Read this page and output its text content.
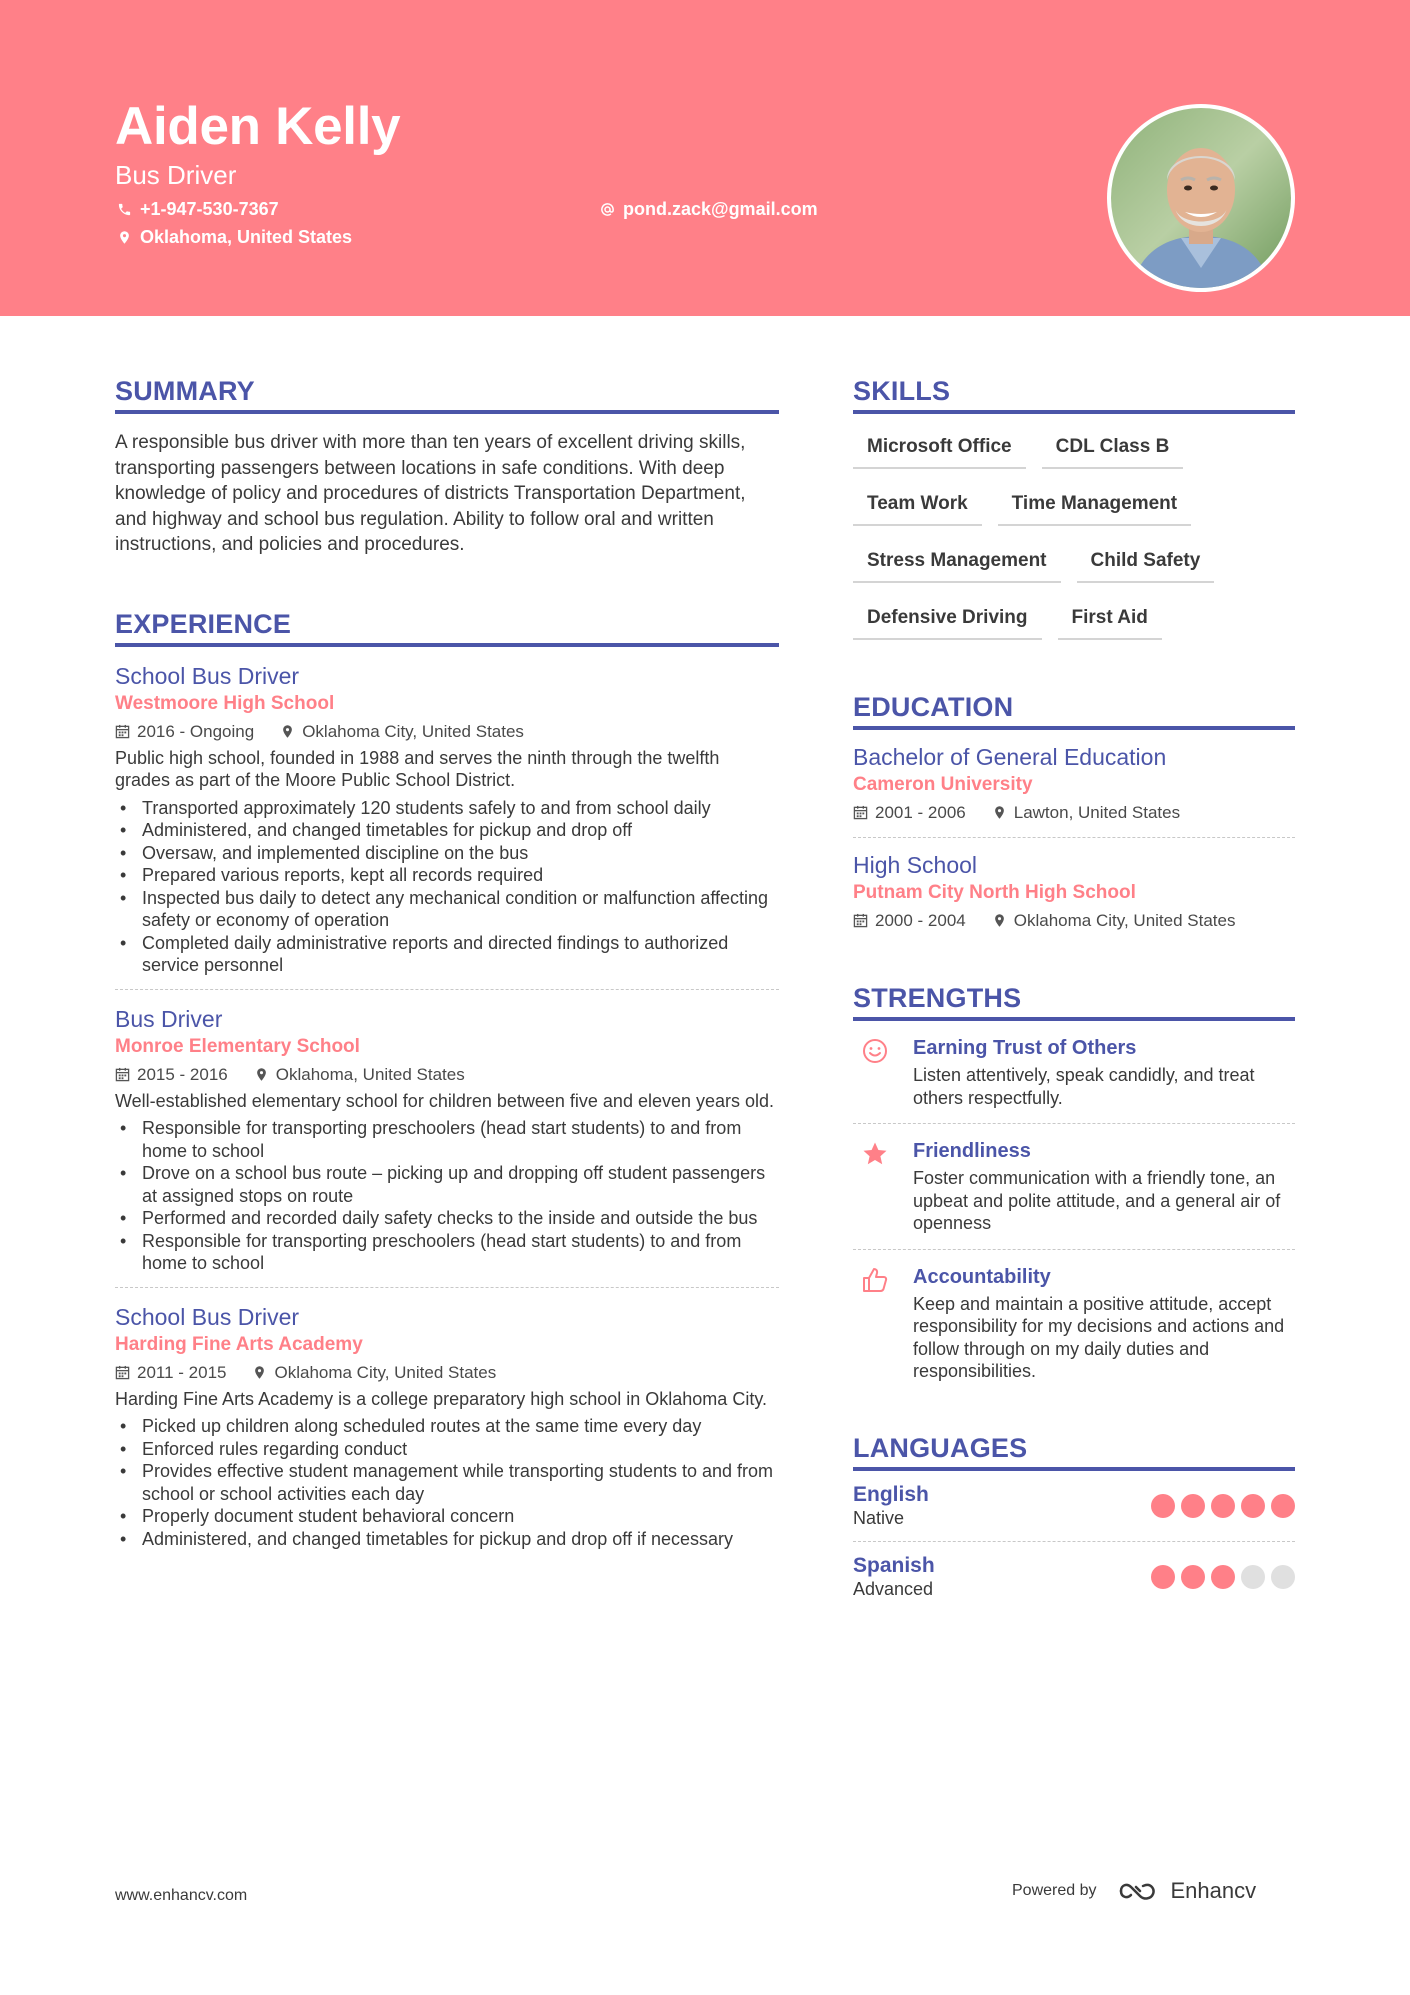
Aiden Kelly
Bus Driver
+1-947-530-7367	pond.zack@gmail.com
Oklahoma, United States
SUMMARY
A responsible bus driver with more than ten years of excellent driving skills, transporting passengers between locations in safe conditions. With deep knowledge of policy and procedures of districts Transportation Department, and highway and school bus regulation. Ability to follow oral and written instructions, and policies and procedures.
EXPERIENCE
School Bus Driver
Westmoore High School
2016 - Ongoing	Oklahoma City, United States
Public high school, founded in 1988 and serves the ninth through the twelfth grades as part of the Moore Public School District.
• Transported approximately 120 students safely to and from school daily
• Administered, and changed timetables for pickup and drop off
• Oversaw, and implemented discipline on the bus
• Prepared various reports, kept all records required
• Inspected bus daily to detect any mechanical condition or malfunction affecting safety or economy of operation
• Completed daily administrative reports and directed findings to authorized service personnel
Bus Driver
Monroe Elementary School
2015 - 2016	Oklahoma, United States
Well-established elementary school for children between five and eleven years old.
• Responsible for transporting preschoolers (head start students) to and from home to school
• Drove on a school bus route – picking up and dropping off student passengers at assigned stops on route
• Performed and recorded daily safety checks to the inside and outside the bus
• Responsible for transporting preschoolers (head start students) to and from home to school
School Bus Driver
Harding Fine Arts Academy
2011 - 2015	Oklahoma City, United States
Harding Fine Arts Academy is a college preparatory high school in Oklahoma City.
• Picked up children along scheduled routes at the same time every day
• Enforced rules regarding conduct
• Provides effective student management while transporting students to and from school or school activities each day
• Properly document student behavioral concern
• Administered, and changed timetables for pickup and drop off if necessary
SKILLS
Microsoft Office	CDL Class B
Team Work	Time Management
Stress Management	Child Safety
Defensive Driving	First Aid
EDUCATION
Bachelor of General Education
Cameron University
2001 - 2006	Lawton, United States
High School
Putnam City North High School
2000 - 2004	Oklahoma City, United States
STRENGTHS
Earning Trust of Others
Listen attentively, speak candidly, and treat others respectfully.
Friendliness
Foster communication with a friendly tone, an upbeat and polite attitude, and a general air of openness
Accountability
Keep and maintain a positive attitude, accept responsibility for my decisions and actions and follow through on my daily duties and responsibilities.
LANGUAGES
English
Native
Spanish
Advanced
www.enhancv.com	Powered by	Enhancv
